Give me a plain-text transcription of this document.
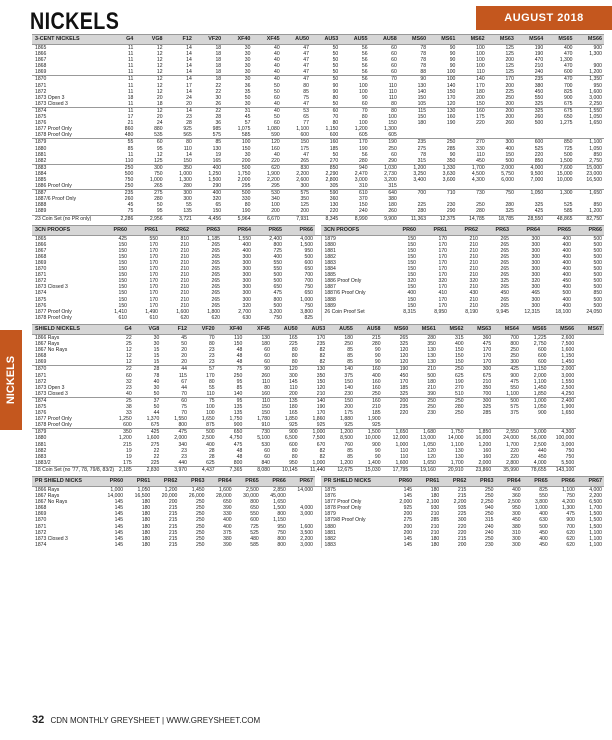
NICKELS	AUGUST 2018
NICKELS
3-CENT NICKELS	G4	VG8	F12	VF20	XF40	XF45	AU50	AU53	AU55	AU58	MS60	MS61	MS62	MS63	MS64	MS65	MS66
1865	11	12	14	18	30	40	47	50	56	60	78	90	100	125	190	400	900
1866	11	12	14	18	30	40	47	50	56	60	78	90	100	125	190	470	1,300
1867	11	12	14	18	30	40	47	50	56	60	78	90	100	200	470	1,300	
1868	11	12	14	18	30	40	47	50	56	60	78	90	100	125	210	470	900
1869	11	12	14	18	30	40	47	50	56	60	88	100	110	125	240	600	1,200
1870	11	12	14	18	30	40	47	50	56	70	90	100	140	170	235	470	1,350
1871	11	12	17	22	36	50	80	90	100	110	130	140	170	200	380	700	950
1872	11	12	14	22	35	50	85	90	100	110	140	150	180	225	450	825	1,600
1873 Open 3	18	20	24	30	50	60	75	80	90	110	150	170	200	250	550	900	3,000
1873 Closed 3	11	18	20	26	30	40	47	50	60	80	105	120	150	200	325	675	2,250
1874	11	12	14	22	31	40	53	60	70	80	115	130	160	200	325	675	1,550
1875	17	20	23	28	45	50	65	70	80	100	150	160	175	200	260	650	1,050
1876	21	24	28	36	57	60	77	80	100	150	180	190	220	260	500	1,275	1,650
1877 Proof Only	860	880	925	985	1,075	1,080	1,100	1,150	1,200	1,300							
1878 Proof Only	480	535	565	575	585	590	600	600	605	605							
1879	55	60	80	85	100	120	150	160	170	190	235	250	270	300	600	850	1,100
1880	85	95	110	130	150	160	175	185	190	250	275	285	330	400	525	725	1,050
1881	11	12	14	19	30	40	47	50	56	60	78	90	110	150	220	500	850
1882	110	125	150	165	200	220	265	270	280	290	315	350	450	500	850	1,500	2,750
1883	250	300	350	400	500	620	830	850	940	1,030	1,200	1,330	1,700	2,000	4,000	7,600	15,000
1884	500	750	1,000	1,250	1,750	1,900	2,200	2,290	2,470	2,730	3,250	3,630	4,500	5,750	9,500	15,000	23,000
1885	750	1,000	1,300	1,500	2,000	2,200	2,600	2,800	3,000	3,200	3,400	3,600	4,300	6,000	7,000	10,000	16,500
1886 Proof Only	250	265	280	290	295	295	300	305	310	315							
1887	235	275	300	400	500	530	575	590	610	640	700	710	730	750	1,050	1,300	1,650
1887/6 Proof Only	260	280	300	320	330	340	350	360	370	380							
1888	45	50	55	65	80	100	125	130	150	180	225	230	250	280	325	525	850
1889	75	95	135	150	190	200	200	220	240	260	280	290	280	325	425	585	1,200
23 Coin Set (no PR only)	2,286	2,956	3,721	4,456	5,964	6,670	7,931	8,345	8,990	9,900	11,363	12,375	14,785	18,785	28,550	48,865	82,750
3CN PROOFS	PR60	PR61	PR62	PR63	PR64	PR65	PR66		3CN PROOFS	PR60	PR61	PR62	PR63	PR64	PR65	PR66
1865	425	550	810	1,185	1,550	2,400	4,000		1879	150	170	210	265	300	400	500
1866	150	170	210	265	400	800	1,500		1880	150	170	210	265	300	400	500
1867	150	170	210	265	400	725	950		1881	150	170	210	265	300	400	500
1868	150	170	210	265	300	400	500		1882	150	170	210	265	300	400	500
1869	150	170	210	265	300	550	600		1883	150	170	210	265	300	400	500
1870	150	170	210	265	300	550	650		1884	150	170	210	265	300	400	500
1871	150	170	210	265	300	500	700		1885	150	170	210	265	300	400	500
1872	150	170	210	265	300	500	700		1886 Proof Only	320	320	320	325	320	450	500
1873 Closed 3	150	170	210	265	300	650	750		1887	150	170	210	265	300	400	500
1874	150	170	210	265	300	475	650		1887/6 Proof Only	400	410	430	450	465	500	850
1875	150	170	210	265	300	800	1,000		1888	150	170	210	265	300	400	500
1876	150	170	210	265	320	500	750		1889	150	170	210	265	300	400	500
1877 Proof Only	1,410	1,490	1,600	1,800	2,700	3,200	3,800		26 Coin Proof Set	8,315	8,950	8,190	9,945	12,315	18,100	24,050
1878 Proof Only	610	610	620	620	630	750	825									
SHIELD NICKELS	G4	VG8	F12	VF20	XF40	XF45	AU50	AU53	AU55	AU58	MS60	MS61	MS62	MS63	MS64	MS65	MS66	MS67
1866 Rays	22	30	45	70	110	130	165	170	180	215	265	280	315	360	700	1,225	2,600	
1867 Rays	25	30	50	80	150	180	225	235	250	280	325	350	400	475	800	2,750	7,500	
1867 No Rays	12	15	20	23	48	60	80	82	85	90	120	130	150	170	250	600	1,600	
1868	12	15	20	23	48	60	80	82	85	90	120	130	150	170	250	600	1,150	
1869	12	15	20	23	48	60	80	82	85	90	120	130	150	170	300	600	1,450	
1870	22	28	44	57	75	90	120	130	140	160	190	210	250	300	425	1,150	2,000	
1871	60	78	115	170	250	260	300	350	375	400	450	500	625	675	900	2,000	3,000	
1872	32	40	67	80	95	110	145	150	150	160	170	180	190	210	475	1,100	1,550	
1873 Open 3	23	30	44	55	85	80	110	120	140	160	185	210	270	350	550	1,450	2,500	
1873 Closed 3	40	50	70	110	140	160	200	210	230	250	325	390	510	700	1,100	1,850	4,250	
1874	25	37	60	75	95	110	135	140	150	160	200	250	250	300	500	1,000	2,400	
1875	38	50	75	100	135	150	180	190	200	210	235	250	280	325	575	1,050	1,900	
1876	33	44	70	100	135	150	165	170	175	185	220	230	250	285	375	900	1,650	
1877 Proof Only	1,250	1,370	1,550	1,650	1,750	1,780	1,850	1,860	1,880	1,900								
1878 Proof Only	600	675	800	875	900	910	925	925	925	925								
1879	350	425	475	500	650	730	900	1,000	1,200	1,500	1,650	1,680	1,750	1,850	2,550	3,000	4,300	
1880	1,200	1,600	2,000	2,500	4,750	5,100	6,500	7,500	8,500	10,000	12,000	13,000	14,000	16,000	24,000	56,000	100,000	
1881	215	275	340	400	475	530	600	670	760	900	1,000	1,050	1,100	1,200	1,700	2,500	3,000	
1882	19	22	23	28	48	60	80	82	85	90	110	120	130	160	220	440	750	
1883	19	22	23	28	48	60	80	82	85	90	110	120	130	160	220	450	750	
1883/2	175	225	440	625	800	840	950	1,000	1,200	1,400	1,600	1,650	1,700	2,000	2,800	4,000	5,500	
18 Coin Set (no '77, 78, 79/8, 83/2)	2,185	2,830	3,970	4,437	7,365	8,080	10,145	11,440	12,675	15,030	17,795	19,160	20,910	23,860	35,990	78,655	143,100	
PR SHIELD NICKS	PR60	PR61	PR62	PR63	PR64	PR65	PR66	PR67		PR SHIELD NICKS	PR60	PR61	PR62	PR63	PR64	PR65	PR66	PR67
1866 Rays	1,000	1,050	1,200	1,450	1,600	2,500	2,850	14,000		1875	145	180	215	250	400	825	1,100	4,000
1867 Rays	14,000	16,500	20,000	26,000	28,000	30,000	45,000			1876	145	180	215	250	360	550	750	2,200
1867 No Rays	145	180	200	250	650	800	1,650			1877 Proof Only	2,000	2,100	2,200	2,250	2,500	3,800	4,200	6,500
1868	145	180	215	250	390	650	1,500	4,000		1878 Proof Only	925	930	935	940	950	1,000	1,300	1,700
1869	145	180	215	250	330	550	800	3,000		1879	200	210	225	250	300	400	475	1,500
1870	145	180	215	250	400	600	1,150			1879/8 Proof Only	275	285	300	315	450	630	900	1,500
1871	145	180	215	250	400	725	950	1,600		1880	200	210	220	240	380	500	700	1,500
1872	145	180	215	250	375	525	750	3,500		1881	200	210	220	240	310	450	620	1,100
1873 Closed 3	145	180	215	250	380	480	800	2,200		1882	145	180	215	250	300	400	620	1,100
1874	145	180	215	250	390	585	800	3,000		1883	145	180	200	230	300	450	620	1,100
32 CDN MONTHLY GREYSHEET | WWW.GREYSHEET.COM
